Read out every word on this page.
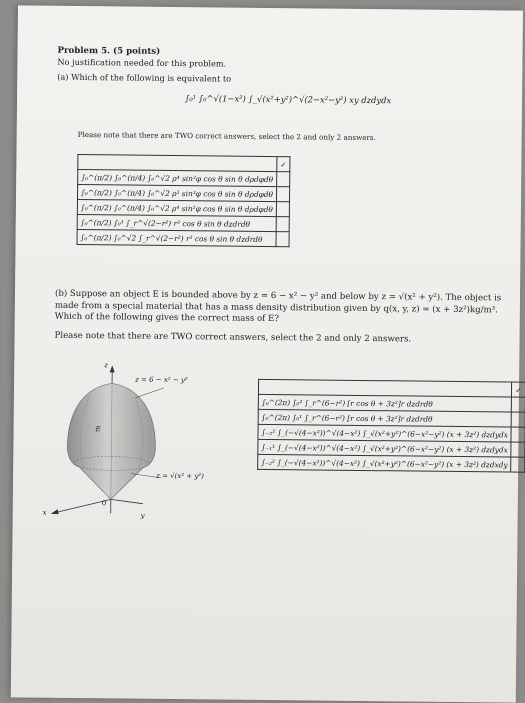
Problem 5. (5 points)
No justification needed for this problem.
(a) Which of the following is equivalent to
∫₀¹ ∫₀^√(1−x²) ∫_√(x²+y²)^√(2−x²−y²) xy dzdydx
Please note that there are TWO correct answers, select the 2 and only 2 answers.
	✓
∫₀^(π/2) ∫₀^(π/4) ∫₀^√2 ρ⁴ sin³φ cos θ sin θ dρdφdθ	
∫₀^(π/2) ∫₀^(π/4) ∫₀^√2 ρ³ sin³φ cos θ sin θ dρdφdθ	
∫₀^(π/2) ∫₀^(π/4) ∫₀^√2 ρ⁴ sin²φ cos θ sin θ dρdφdθ	
∫₀^(π/2) ∫₀¹ ∫_r^√(2−r²) r³ cos θ sin θ dzdrdθ	
∫₀^(π/2) ∫₀^√2 ∫_r^√(2−r²) r³ cos θ sin θ dzdrdθ	
(b) Suppose an object E is bounded above by z = 6 − x² − y² and below by z = √(x² + y²). The object is made from a special material that has a mass density distribution given by q(x, y, z) = (x + 3z²)kg/m³. Which of the following gives the correct mass of E?
Please note that there are TWO correct answers, select the 2 and only 2 answers.
z = 6 − x² − y²
z = √(x² + y²)
E
z
x	y
0
	✓
∫₀^(2π) ∫₀² ∫_r^(6−r²) [r cos θ + 3z²]r dzdrdθ	
∫₀^(2π) ∫₀¹ ∫_r^(6−r²) [r cos θ + 3z²]r dzdrdθ	
∫₋₂² ∫_(−√(4−x²))^√(4−x²) ∫_√(x²+y²)^(6−x²−y²) (x + 3z²) dzdydx	
∫₋₁¹ ∫_(−√(4−x²))^√(4−x²) ∫_√(x²+y²)^(6−x²−y²) (x + 3z²) dzdydx	
∫₋₂² ∫_(−√(4−x²))^√(4−x²) ∫_√(x²+y²)^(6−x²−y²) (x + 3z²) dzdxdy	
